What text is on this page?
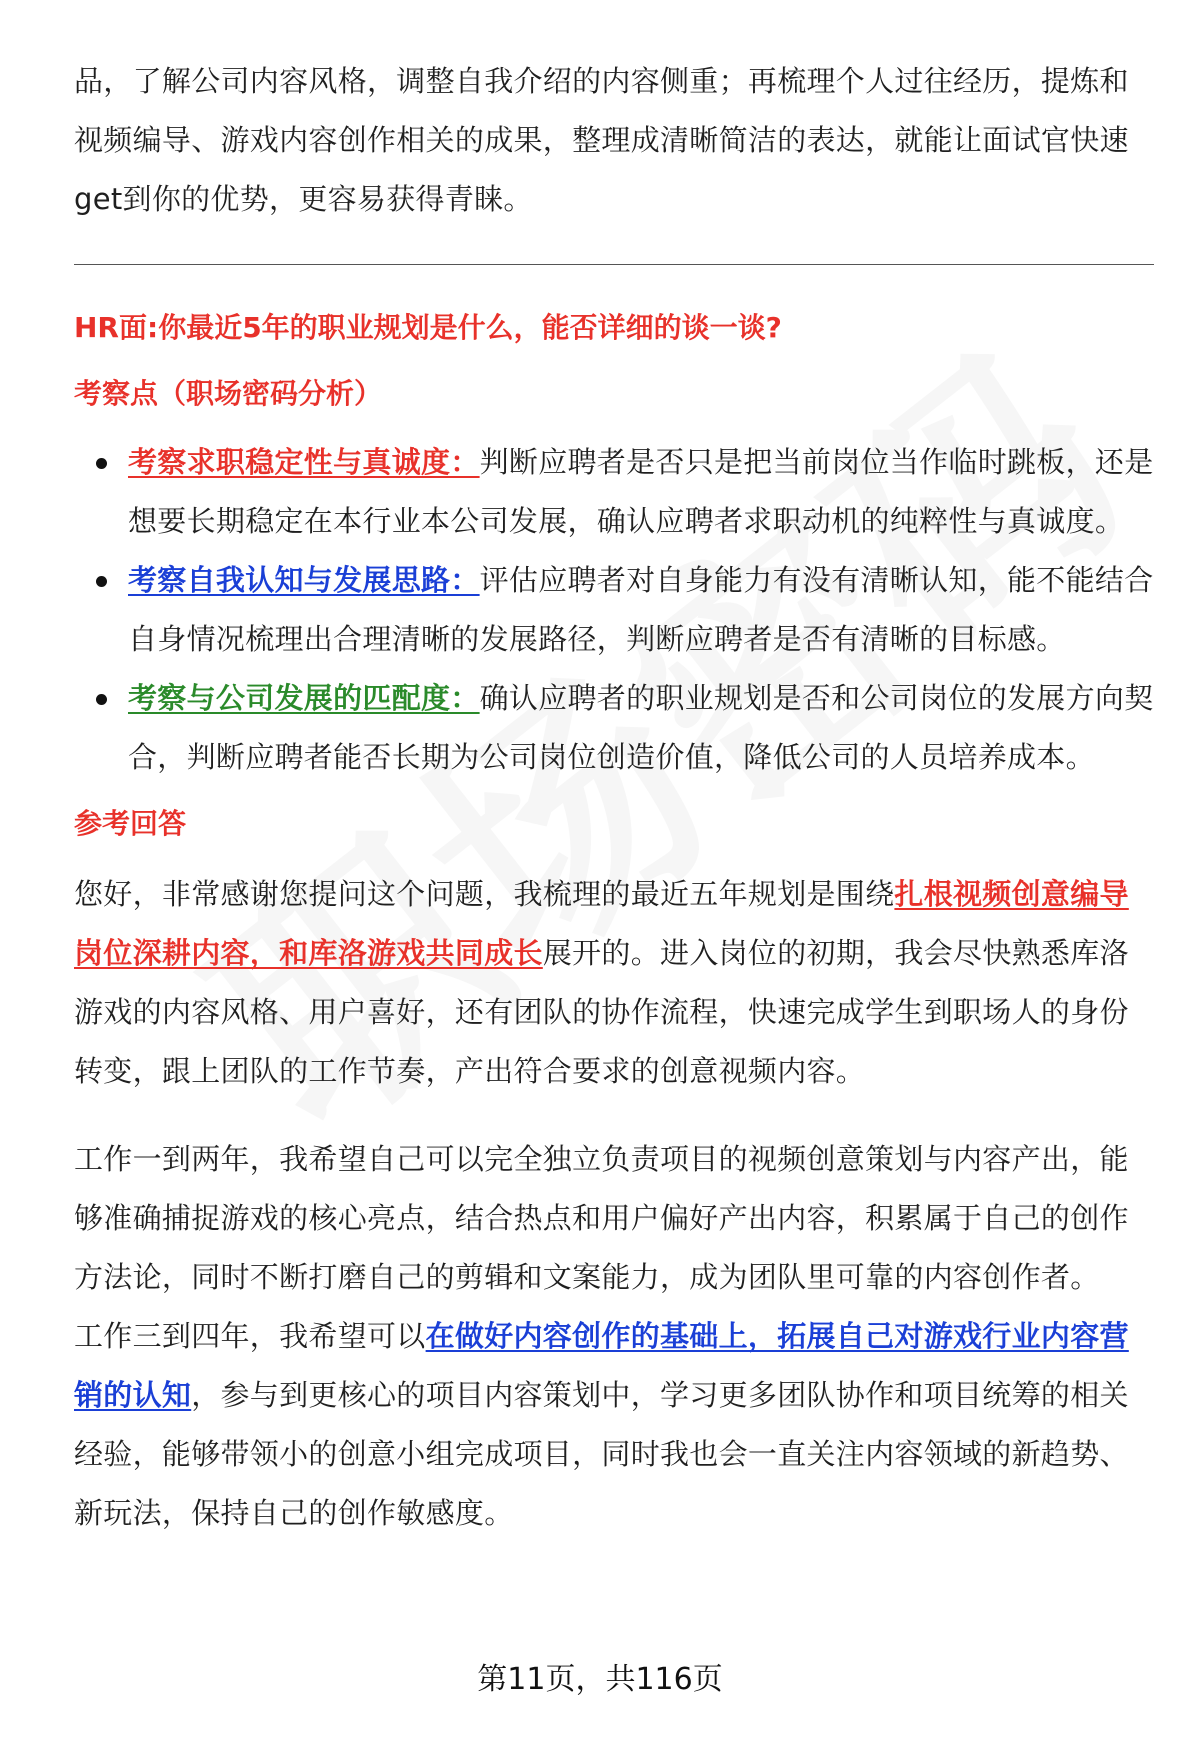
品，了解公司内容风格，调整自我介绍的内容侧重；再梳理个人过往经历，提炼和
视频编导、游戏内容创作相关的成果，整理成清晰简洁的表达，就能让面试官快速
get到你的优势，更容易获得青睐。

HR面:你最近5年的职业规划是什么，能否详细的谈一谈?

考察点（职场密码分析）

考察求职稳定性与真诚度：判断应聘者是否只是把当前岗位当作临时跳板，还是想要长期稳定在本行业本公司发展，确认应聘者求职动机的纯粹性与真诚度。
考察自我认知与发展思路：评估应聘者对自身能力有没有清晰认知，能不能结合自身情况梳理出合理清晰的发展路径，判断应聘者是否有清晰的目标感。
考察与公司发展的匹配度：确认应聘者的职业规划是否和公司岗位的发展方向契合，判断应聘者能否长期为公司岗位创造价值，降低公司的人员培养成本。

参考回答

您好，非常感谢您提问这个问题，我梳理的最近五年规划是围绕扎根视频创意编导岗位深耕内容，和库洛游戏共同成长展开的。进入岗位的初期，我会尽快熟悉库洛游戏的内容风格、用户喜好，还有团队的协作流程，快速完成学生到职场人的身份转变，跟上团队的工作节奏，产出符合要求的创意视频内容。

工作一到两年，我希望自己可以完全独立负责项目的视频创意策划与内容产出，能够准确捕捉游戏的核心亮点，结合热点和用户偏好产出内容，积累属于自己的创作方法论，同时不断打磨自己的剪辑和文案能力，成为团队里可靠的内容创作者。

工作三到四年，我希望可以在做好内容创作的基础上，拓展自己对游戏行业内容营销的认知，参与到更核心的项目内容策划中，学习更多团队协作和项目统筹的相关经验，能够带领小的创意小组完成项目，同时我也会一直关注内容领域的新趋势、新玩法，保持自己的创作敏感度。

第11页，共116页
